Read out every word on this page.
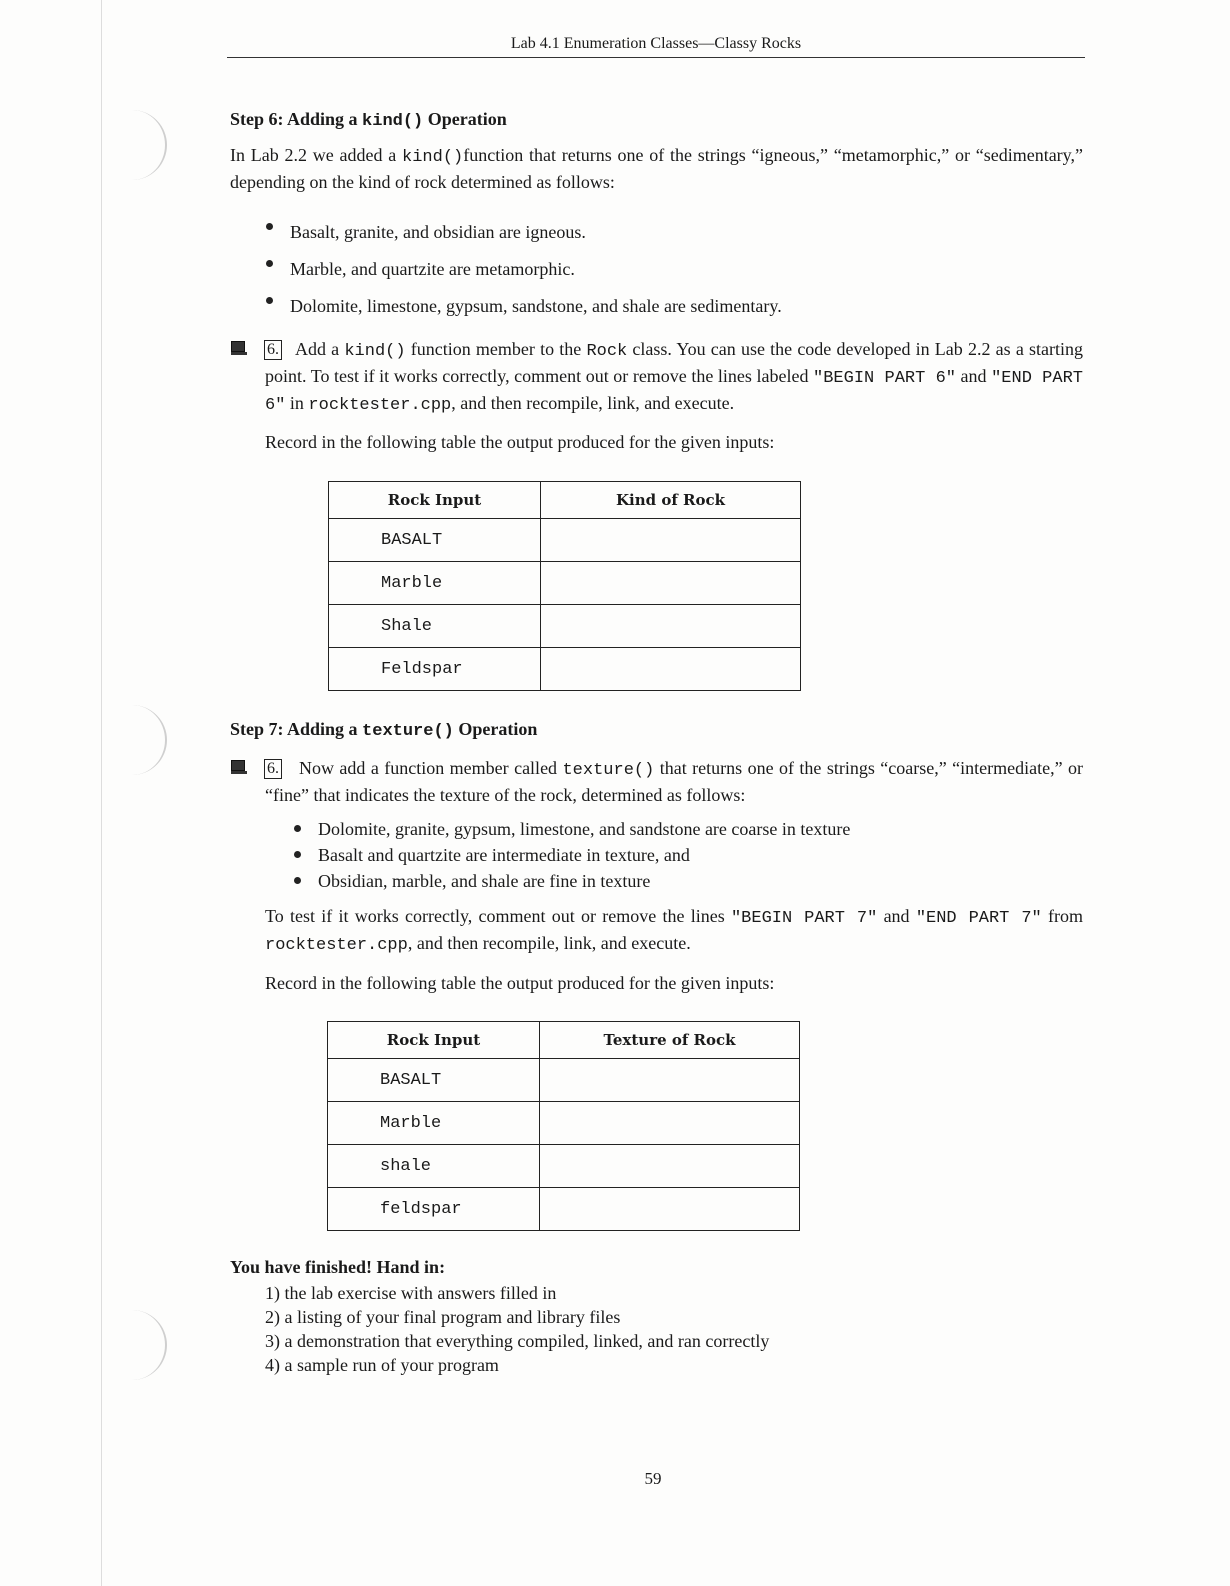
Lab 4.1 Enumeration Classes—Classy Rocks
Step 6: Adding a kind() Operation
In Lab 2.2 we added a kind()function that returns one of the strings “igneous,” “metamorphic,” or “sedimentary,” depending on the kind of rock determined as follows:
Basalt, granite, and obsidian are igneous.
Marble, and quartzite are metamorphic.
Dolomite, limestone, gypsum, sandstone, and shale are sedimentary.
6. Add a kind() function member to the Rock class. You can use the code developed in Lab 2.2 as a starting point. To test if it works correctly, comment out or remove the lines labeled "BEGIN PART 6" and "END PART 6" in rocktester.cpp, and then recompile, link, and execute.
Record in the following table the output produced for the given inputs:
Rock Input	Kind of Rock
BASALT	
Marble	
Shale	
Feldspar	
Step 7: Adding a texture() Operation
6.	Now add a function member called texture() that returns one of the strings “coarse,” “intermediate,” or “fine” that indicates the texture of the rock, determined as follows:
Dolomite, granite, gypsum, limestone, and sandstone are coarse in texture
Basalt and quartzite are intermediate in texture, and
Obsidian, marble, and shale are fine in texture
To test if it works correctly, comment out or remove the lines "BEGIN PART 7" and "END PART 7" from rocktester.cpp, and then recompile, link, and execute.
Record in the following table the output produced for the given inputs:
Rock Input	Texture of Rock
BASALT	
Marble	
shale	
feldspar	
You have finished! Hand in:
1) the lab exercise with answers filled in
2) a listing of your final program and library files
3) a demonstration that everything compiled, linked, and ran correctly
4) a sample run of your program
59
